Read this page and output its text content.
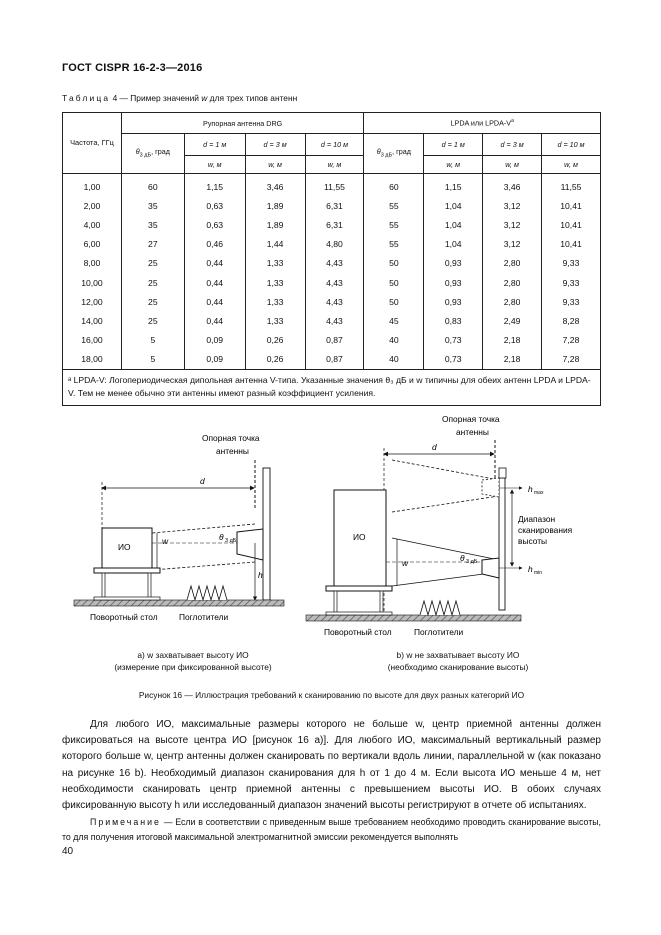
ГОСТ CISPR 16-2-3—2016
Таблица 4 — Пример значений w для трех типов антенн
Частота, ГГц	Рупорная антенна DRG				LPDA или LPDA-$V^a$
	$\theta_{3 дБ}$, град	d = 1 м	d = 3 м	d = 10 м	$\theta_{3 дБ}$, град	d = 1 м	d = 3 м	d = 10 м
		w, м	w, м	w, м		w, м	w, м	w, м
1,00	60	1,15	3,46	11,55	60	1,15	3,46	11,55
2,00	35	0,63	1,89	6,31	55	1,04	3,12	10,41
4,00	35	0,63	1,89	6,31	55	1,04	3,12	10,41
6,00	27	0,46	1,44	4,80	55	1,04	3,12	10,41
8,00	25	0,44	1,33	4,43	50	0,93	2,80	9,33
10,00	25	0,44	1,33	4,43	50	0,93	2,80	9,33
12,00	25	0,44	1,33	4,43	50	0,93	2,80	9,33
14,00	25	0,44	1,33	4,43	45	0,83	2,49	8,28
16,00	5	0,09	0,26	0,87	40	0,73	2,18	7,28
18,00	5	0,09	0,26	0,87	40	0,73	2,18	7,28
ᵃ LPDA-V: Логопериодическая дипольная антенна V-типа. Указанные значения θ₃ дБ и w типичны для обеих антенн LPDA и LPDA-V. Тем не менее обычно эти антенны имеют разный коэффициент усиления.								
Опорная точка
антенны
d
ИО
w	θ 3 дБ
h
Поворотный стол	Поглотители
Опорная точка
антенны
d
ИО
h max
w	θ 3 дБ
h min
Диапазон
сканирования
высоты
Поворотный стол	Поглотители
a) w захватывает высоту ИО
(измерение при фиксированной высоте)
b) w не захватывает высоту ИО
(необходимо сканирование высоты)
Рисунок 16 — Иллюстрация требований к сканированию по высоте для двух разных категорий ИО
Для любого ИО, максимальные размеры которого не больше w, центр приемной антенны должен фиксироваться на высоте центра ИО [рисунок 16 a)]. Для любого ИО, максимальный вертикальный размер которого больше w, центр антенны должен сканировать по вертикали вдоль линии, параллельной w (как показано на рисунке 16 b). Необходимый диапазон сканирования для h от 1 до 4 м. Если высота ИО меньше 4 м, нет необходимости сканировать центр приемной антенны с превышением высоты ИО. В обоих случаях фиксированную высоту h или исследованный диапазон значений высоты регистрируют в отчете об испытаниях.
Примечание — Если в соответствии с приведенным выше требованием необходимо проводить сканирование высоты, то для получения итоговой максимальной электромагнитной эмиссии рекомендуется выполнять
40
